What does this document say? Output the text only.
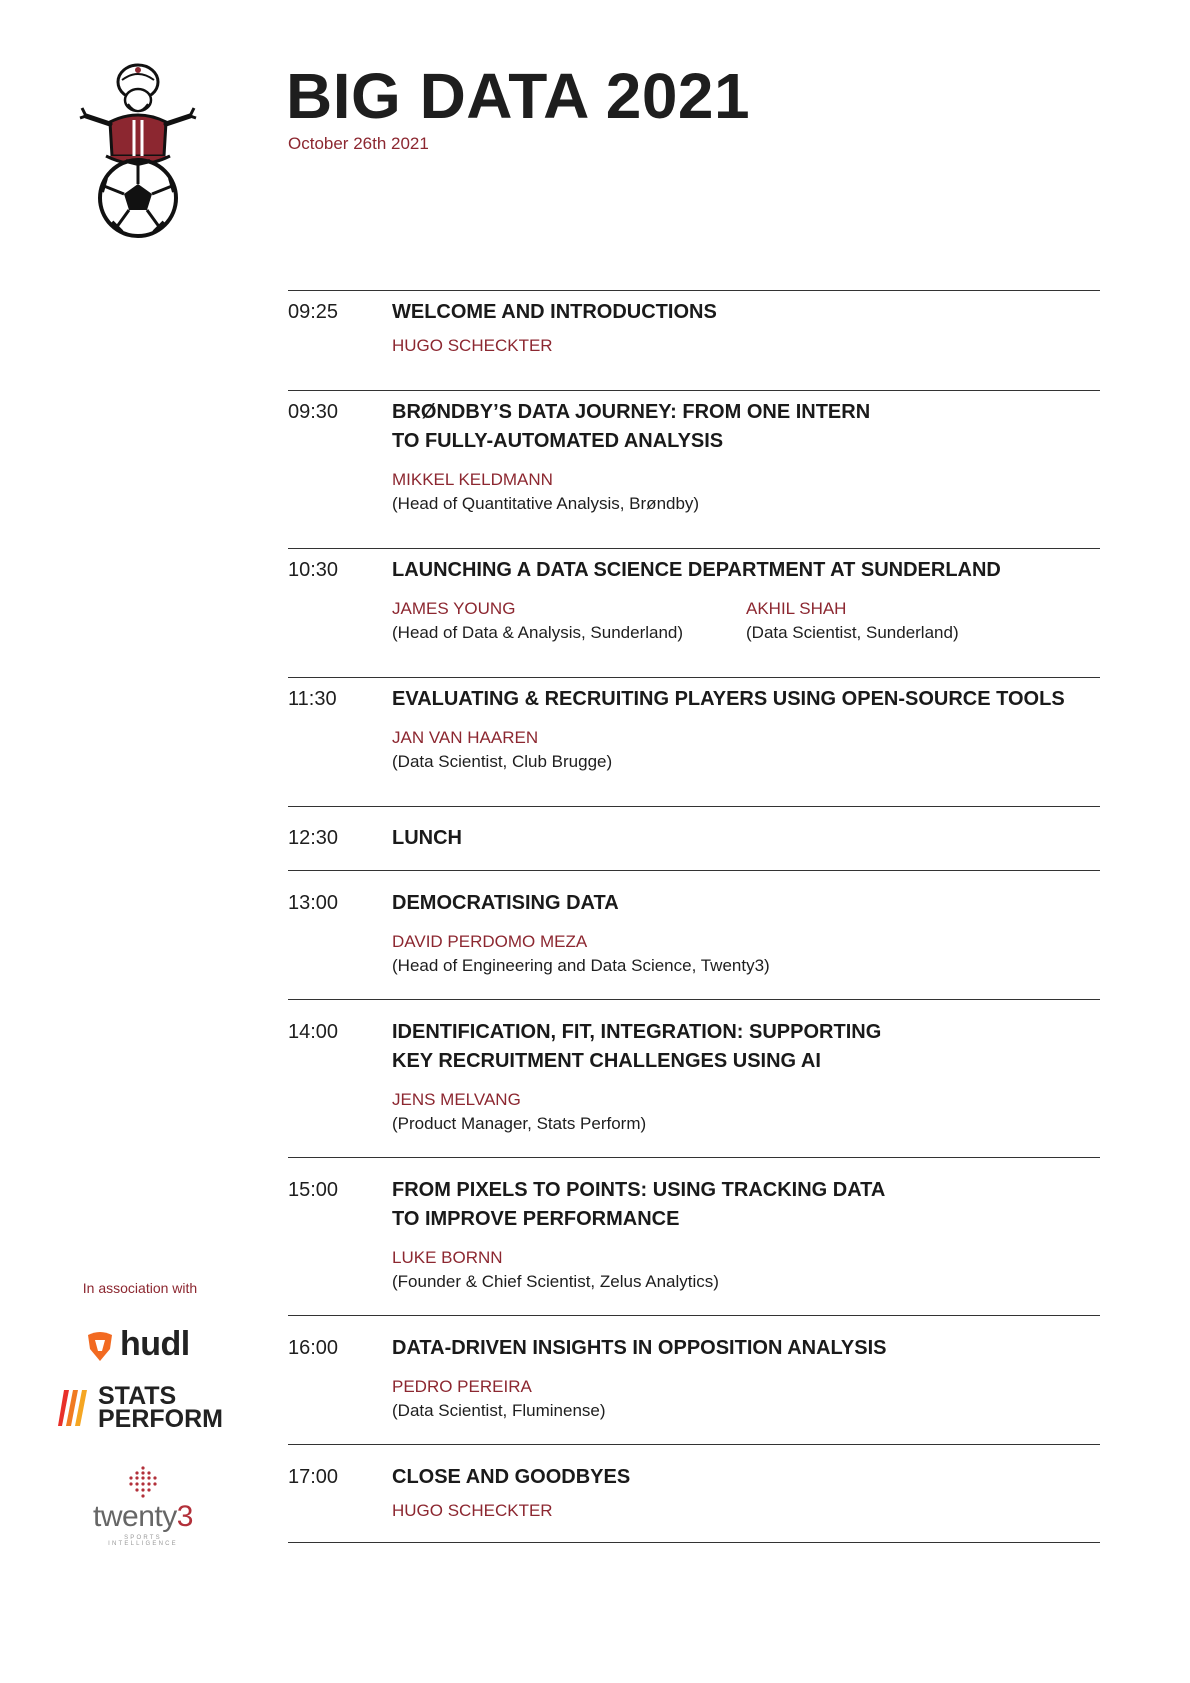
BIG DATA 2021
October 26th 2021
09:25	WELCOME AND INTRODUCTIONS
HUGO SCHECKTER
09:30	BRØNDBY’S DATA JOURNEY: FROM ONE INTERN
TO FULLY-AUTOMATED ANALYSIS
MIKKEL KELDMANN
(Head of Quantitative Analysis, Brøndby)
10:30	LAUNCHING A DATA SCIENCE DEPARTMENT AT SUNDERLAND
JAMES YOUNG
(Head of Data & Analysis, Sunderland)
AKHIL SHAH
(Data Scientist, Sunderland)
11:30	EVALUATING & RECRUITING PLAYERS USING OPEN-SOURCE TOOLS
JAN VAN HAAREN
(Data Scientist, Club Brugge)
12:30	LUNCH
13:00	DEMOCRATISING DATA
DAVID PERDOMO MEZA
(Head of Engineering and Data Science, Twenty3)
14:00	IDENTIFICATION, FIT, INTEGRATION: SUPPORTING
KEY RECRUITMENT CHALLENGES USING AI
JENS MELVANG
(Product Manager, Stats Perform)
15:00	FROM PIXELS TO POINTS: USING TRACKING DATA
TO IMPROVE PERFORMANCE
LUKE BORNN
(Founder & Chief Scientist, Zelus Analytics)
16:00	DATA-DRIVEN INSIGHTS IN OPPOSITION ANALYSIS
PEDRO PEREIRA
(Data Scientist, Fluminense)
17:00	CLOSE AND GOODBYES
HUGO SCHECKTER
In association with
hudl
STATS
PERFORM
twenty3
SPORTS INTELLIGENCE
